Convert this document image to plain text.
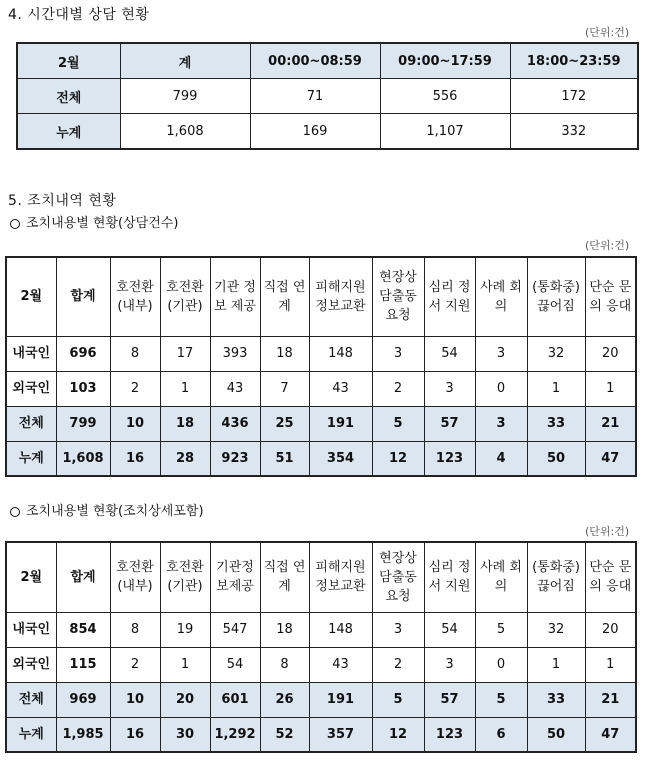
4. 시간대별 상담 현황
(단위:건)
2월	계	00:00~08:59	09:00~17:59	18:00~23:59
전체	799	71	556	172
누계	1,608	169	1,107	332
5. 조치내역 현황
조치내용별 현황(상담건수)
(단위:건)
2월	합계	호전환 (내부)	호전환 (기관)	기관 정보 제공	직접 연계	피해지원 정보교환	현장상 담출동 요청	심리 정서 지원	사례 회의	(통화중) 끊어짐	단순 문의 응대
내국인	696	8	17	393	18	148	3	54	3	32	20
외국인	103	2	1	43	7	43	2	3	0	1	1
전체	799	10	18	436	25	191	5	57	3	33	21
누계	1,608	16	28	923	51	354	12	123	4	50	47
조치내용별 현황(조치상세포함)
(단위:건)
2월	합계	호전환 (내부)	호전환 (기관)	기관정 보제공	직접 연계	피해지원 정보교환	현장상 담출동 요청	심리 정서 지원	사례 회의	(통화중) 끊어짐	단순 문의 응대
내국인	854	8	19	547	18	148	3	54	5	32	20
외국인	115	2	1	54	8	43	2	3	0	1	1
전체	969	10	20	601	26	191	5	57	5	33	21
누계	1,985	16	30	1,292	52	357	12	123	6	50	47
